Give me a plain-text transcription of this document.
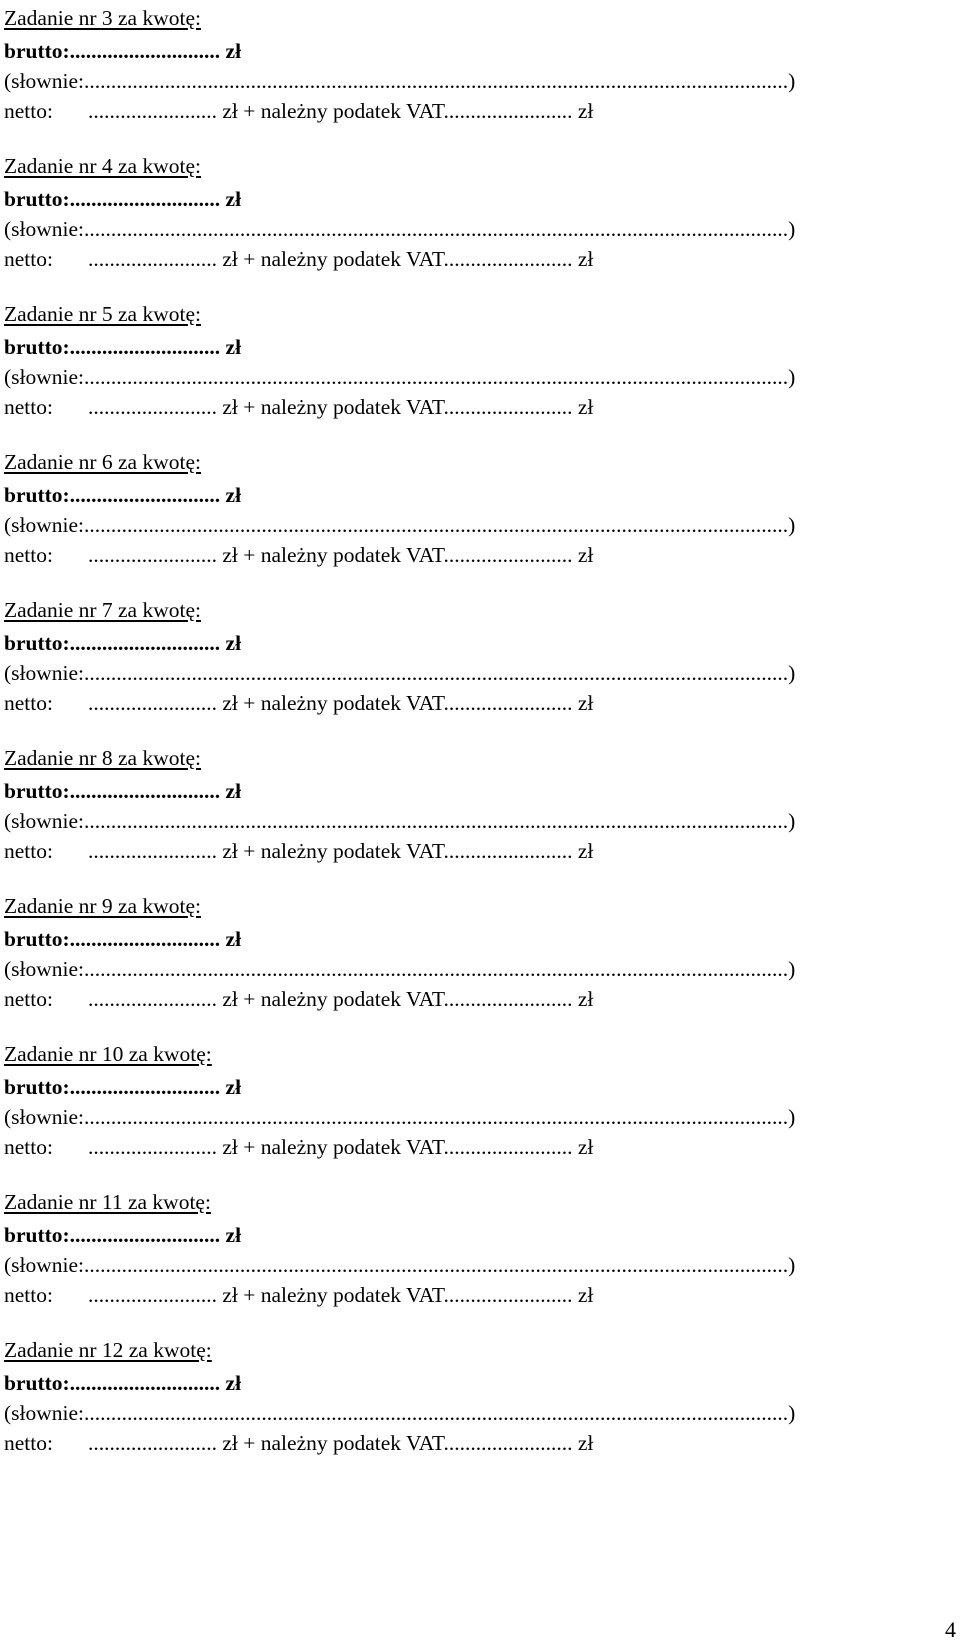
Zadanie nr 3 za kwotę:
brutto:............................ zł
(słownie:...................................................................................................................................)
netto: ........................ zł + należny podatek VAT........................ zł
Zadanie nr 4 za kwotę:
brutto:............................ zł
(słownie:...................................................................................................................................)
netto: ........................ zł + należny podatek VAT........................ zł
Zadanie nr 5 za kwotę:
brutto:............................ zł
(słownie:...................................................................................................................................)
netto: ........................ zł + należny podatek VAT........................ zł
Zadanie nr 6 za kwotę:
brutto:............................ zł
(słownie:...................................................................................................................................)
netto: ........................ zł + należny podatek VAT........................ zł
Zadanie nr 7 za kwotę:
brutto:............................ zł
(słownie:...................................................................................................................................)
netto: ........................ zł + należny podatek VAT........................ zł
Zadanie nr 8 za kwotę:
brutto:............................ zł
(słownie:...................................................................................................................................)
netto: ........................ zł + należny podatek VAT........................ zł
Zadanie nr 9 za kwotę:
brutto:............................ zł
(słownie:...................................................................................................................................)
netto: ........................ zł + należny podatek VAT........................ zł
Zadanie nr 10 za kwotę:
brutto:............................ zł
(słownie:...................................................................................................................................)
netto: ........................ zł + należny podatek VAT........................ zł
Zadanie nr 11 za kwotę:
brutto:............................ zł
(słownie:...................................................................................................................................)
netto: ........................ zł + należny podatek VAT........................ zł
Zadanie nr 12 za kwotę:
brutto:............................ zł
(słownie:...................................................................................................................................)
netto: ........................ zł + należny podatek VAT........................ zł
4
